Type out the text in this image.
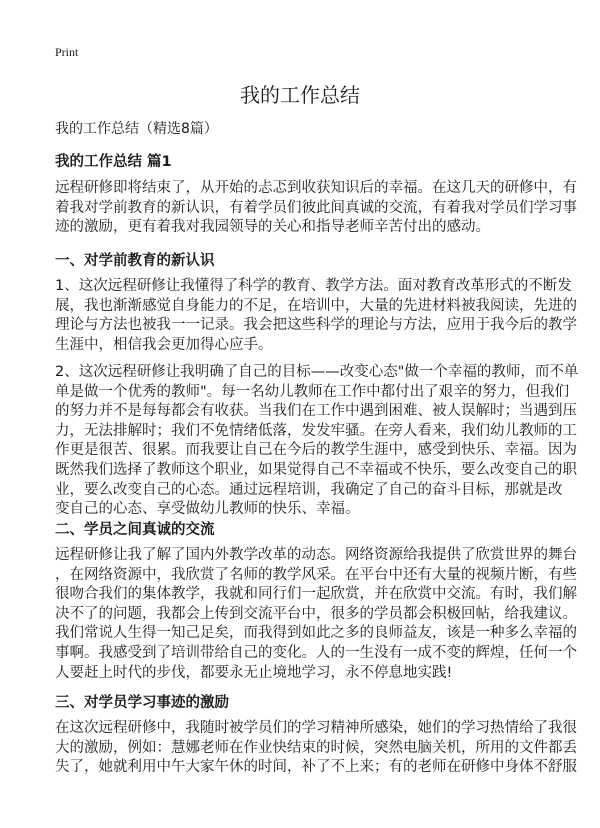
Print
我的工作总结
我的工作总结（精选8篇）
我的工作总结 篇1
远程研修即将结束了，从开始的忐忑到收获知识后的幸福。在这几天的研修中，有
着我对学前教育的新认识，有着学员们彼此间真诚的交流，有着我对学员们学习事
迹的激励，更有着我对我园领导的关心和指导老师辛苦付出的感动。
一、对学前教育的新认识
1、这次远程研修让我懂得了科学的教育、教学方法。面对教育改革形式的不断发
展，我也渐渐感觉自身能力的不足，在培训中，大量的先进材料被我阅读，先进的
理论与方法也被我一一记录。我会把这些科学的理论与方法，应用于我今后的教学
生涯中，相信我会更加得心应手。
2、这次远程研修让我明确了自己的目标——改变心态"做一个幸福的教师，而不单
单是做一个优秀的教师"。每一名幼儿教师在工作中都付出了艰辛的努力，但我们
的努力并不是每每都会有收获。当我们在工作中遇到困难、被人误解时；当遇到压
力，无法排解时；我们不免情绪低落，发发牢骚。在旁人看来，我们幼儿教师的工
作更是很苦、很累。而我要让自己在今后的教学生涯中，感受到快乐、幸福。因为
既然我们选择了教师这个职业，如果觉得自己不幸福或不快乐，要么改变自己的职
业，要么改变自己的心态。通过远程培训，我确定了自己的奋斗目标，那就是改
变自己的心态、享受做幼儿教师的快乐、幸福。
二、学员之间真诚的交流
远程研修让我了解了国内外教学改革的动态。网络资源给我提供了欣赏世界的舞台
，在网络资源中，我欣赏了名师的教学风采。在平台中还有大量的视频片断，有些
很吻合我们的集体教学，我就和同行们一起欣赏，并在欣赏中交流。有时，我们解
决不了的问题，我都会上传到交流平台中，很多的学员都会积极回帖，给我建议。
我们常说人生得一知己足矣，而我得到如此之多的良师益友，该是一种多么幸福的
事啊。我感受到了培训带给自己的变化。人的一生没有一成不变的辉煌，任何一个
人要赶上时代的步伐，都要永无止境地学习，永不停息地实践!
三、对学员学习事迹的激励
在这次远程研修中，我随时被学员们的学习精神所感染，她们的学习热情给了我很
大的激励，例如：慧娜老师在作业快结束的时候，突然电脑关机，所用的文件都丢
失了，她就利用中午大家午休的时间，补了不上来；有的老师在研修中身体不舒服
